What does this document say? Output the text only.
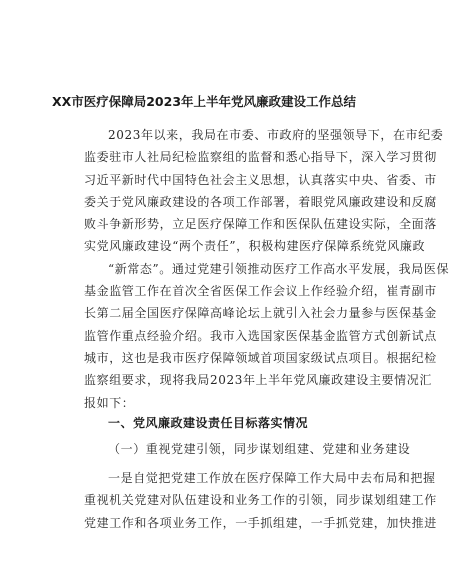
XX市医疗保障局2023年上半年党风廉政建设工作总结
2023年以来，我局在市委、市政府的坚强领导下，在市纪委
监委驻市人社局纪检监察组的监督和悉心指导下，深入学习贯彻
习近平新时代中国特色社会主义思想，认真落实中央、省委、市
委关于党风廉政建设的各项工作部署，着眼党风廉政建设和反腐
败斗争新形势，立足医疗保障工作和医保队伍建设实际，全面落
实党风廉政建设“两个责任”，积极构建医疗保障系统党风廉政
“新常态”。通过党建引领推动医疗工作高水平发展，我局医保
基金监管工作在首次全省医保工作会议上作经验介绍，崔青副市
长第二届全国医疗保障高峰论坛上就引入社会力量参与医保基金
监管作重点经验介绍。我市入选国家医保基金监管方式创新试点
城市，这也是我市医疗保障领域首项国家级试点项目。根据纪检
监察组要求，现将我局2023年上半年党风廉政建设主要情况汇
报如下：
一、党风廉政建设责任目标落实情况
（一）重视党建引领，同步谋划组建、党建和业务建设
一是自觉把党建工作放在医疗保障工作大局中去布局和把握
重视机关党建对队伍建设和业务工作的引领，同步谋划组建工作
党建工作和各项业务工作，一手抓组建，一手抓党建，加快推进
